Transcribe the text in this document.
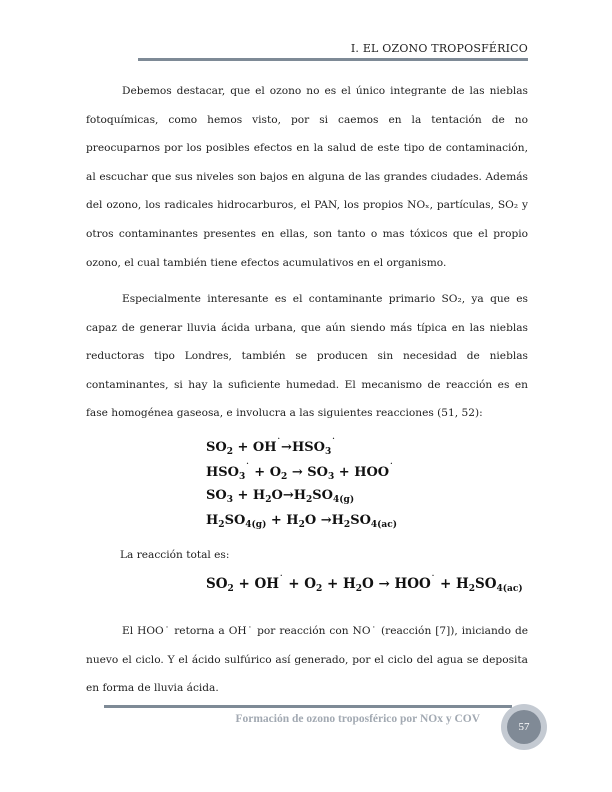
I. EL OZONO TROPOSFÉRICO

Debemos destacar, que el ozono no es el único integrante de las nieblas fotoquímicas, como hemos visto, por si caemos en la tentación de no preocuparnos por los posibles efectos en la salud de este tipo de contaminación, al escuchar que sus niveles son bajos en alguna de las grandes ciudades. Además del ozono, los radicales hidrocarburos, el PAN, los propios NOₓ, partículas, SO₂ y otros contaminantes presentes en ellas, son tanto o mas tóxicos que el propio ozono, el cual también tiene efectos acumulativos en el organismo.

Especialmente interesante es el contaminante primario SO₂, ya que es capaz de generar lluvia ácida urbana, que aún siendo más típica en las nieblas reductoras tipo Londres, también se producen sin necesidad de nieblas contaminantes, si hay la suficiente humedad. El mecanismo de reacción es en fase homogénea gaseosa, e involucra a las siguientes reacciones (51, 52):

$SO_2 + OH^˙\to HSO_3^˙$
$HSO_3^˙ + O_2 \to SO_3 + HOO^˙$
$SO_3 + H_2O\to H_2SO_{4(g)}$
$H_2SO_{4(g)} + H_2O \to H_2SO_{4(ac)}$
La reacción total es:
$SO_2 + OH^˙ + O_2 + H_2O \to HOO^˙ + H_2SO_{4(ac)}$

El HOO˙ retorna a OH˙ por reacción con NO˙ (reacción [7]), iniciando de nuevo el ciclo. Y el ácido sulfúrico así generado, por el ciclo del agua se deposita en forma de lluvia ácida.

Formación de ozono troposférico por NOx y COV
57
